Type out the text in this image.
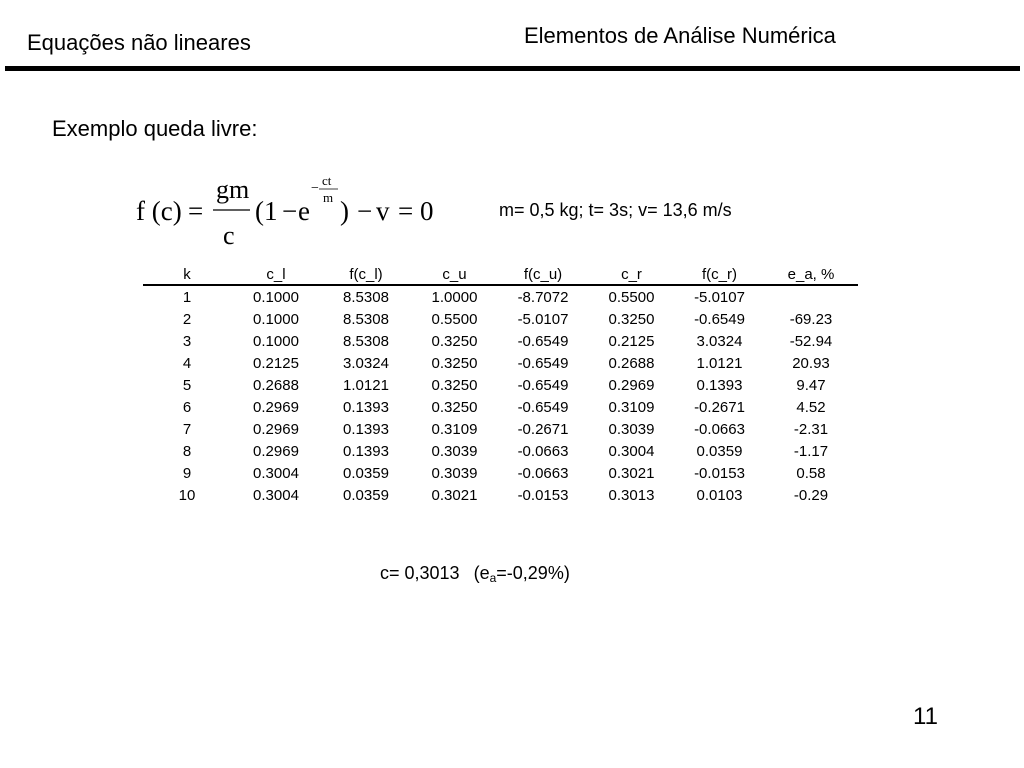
Equações não lineares	Elementos de Análise Numérica
Exemplo queda livre:
f (c) =
gm
c
(1 − e
−
ct
m ) − v = 0	m= 0,5 kg; t= 3s; v= 13,6 m/s
k	c_l	f(c_l)	c_u	f(c_u)	c_r	f(c_r)	e_a, %
1	0.1000	8.5308	1.0000	-8.7072	0.5500	-5.0107	
2	0.1000	8.5308	0.5500	-5.0107	0.3250	-0.6549	-69.23
3	0.1000	8.5308	0.3250	-0.6549	0.2125	3.0324	-52.94
4	0.2125	3.0324	0.3250	-0.6549	0.2688	1.0121	20.93
5	0.2688	1.0121	0.3250	-0.6549	0.2969	0.1393	9.47
6	0.2969	0.1393	0.3250	-0.6549	0.3109	-0.2671	4.52
7	0.2969	0.1393	0.3109	-0.2671	0.3039	-0.0663	-2.31
8	0.2969	0.1393	0.3039	-0.0663	0.3004	0.0359	-1.17
9	0.3004	0.0359	0.3039	-0.0663	0.3021	-0.0153	0.58
10	0.3004	0.0359	0.3021	-0.0153	0.3013	0.0103	-0.29
c= 0,3013 $(e_a=-0,29\%)$
11
